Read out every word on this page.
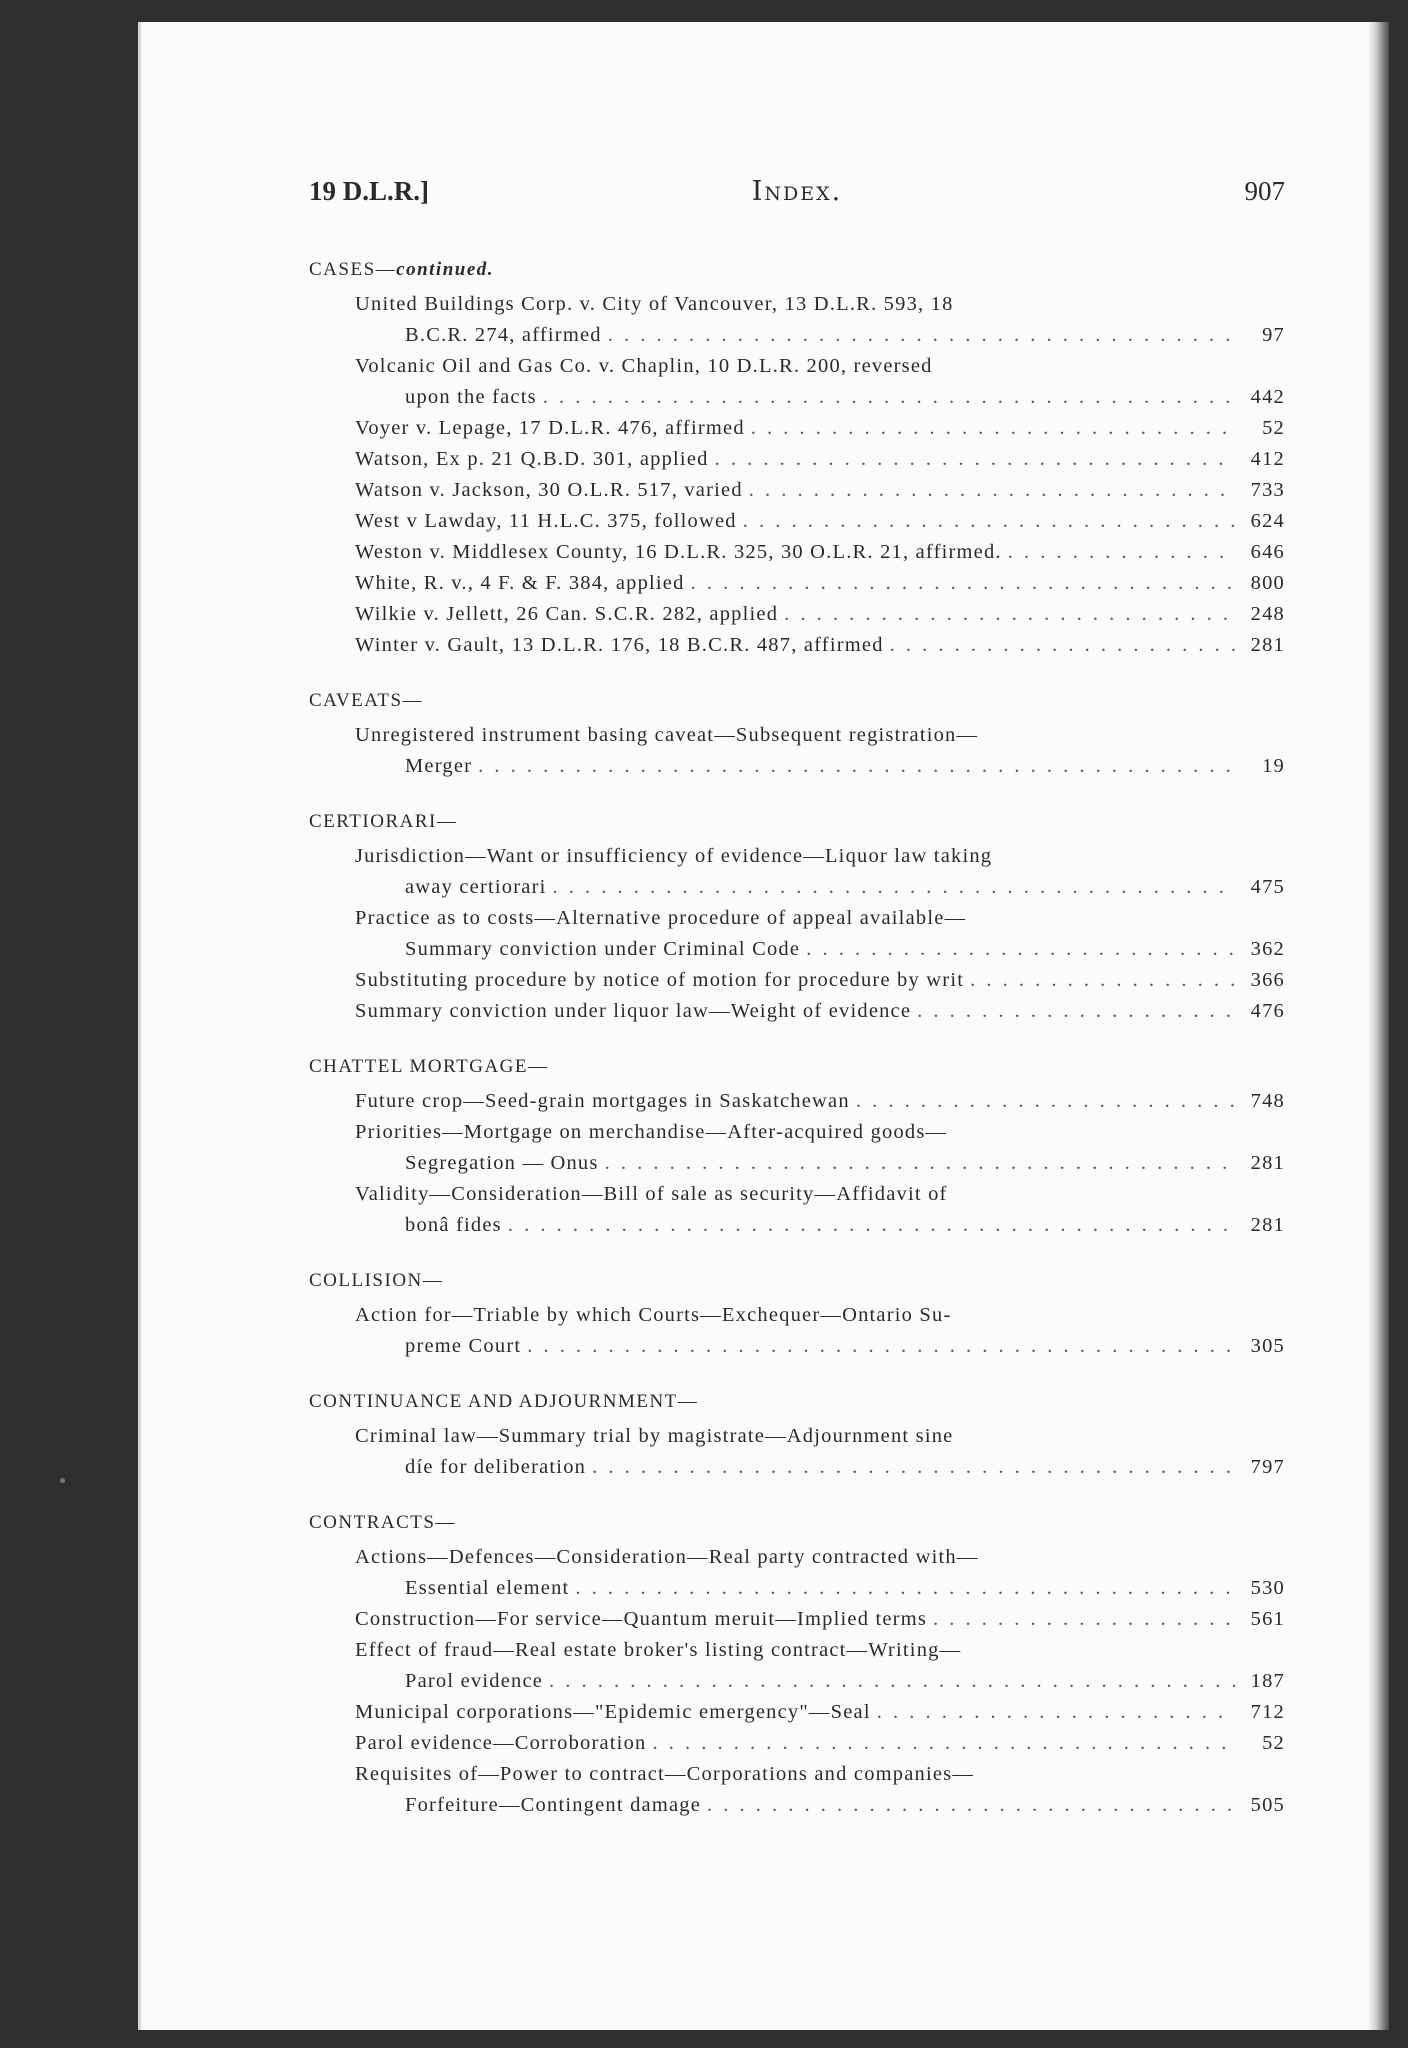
19 D.L.R.]	Index.	907
CASES—continued.
United Buildings Corp. v. City of Vancouver, 13 D.L.R. 593, 18
B.C.R. 274, affirmed . . .	97
Volcanic Oil and Gas Co. v. Chaplin, 10 D.L.R. 200, reversed
upon the facts . . .	442
Voyer v. Lepage, 17 D.L.R. 476, affirmed . . .	52
Watson, Ex p. 21 Q.B.D. 301, applied . . .	412
Watson v. Jackson, 30 O.L.R. 517, varied . . .	733
West v Lawday, 11 H.L.C. 375, followed . . .	624
Weston v. Middlesex County, 16 D.L.R. 325, 30 O.L.R. 21, affirmed. . . .	646
White, R. v., 4 F. & F. 384, applied . . .	800
Wilkie v. Jellett, 26 Can. S.C.R. 282, applied . . .	248
Winter v. Gault, 13 D.L.R. 176, 18 B.C.R. 487, affirmed . . .	281
CAVEATS—
Unregistered instrument basing caveat—Subsequent registration—
Merger . . .	19
CERTIORARI—
Jurisdiction—Want or insufficiency of evidence—Liquor law taking
away certiorari . . .	475
Practice as to costs—Alternative procedure of appeal available—
Summary conviction under Criminal Code . . .	362
Substituting procedure by notice of motion for procedure by writ . . .	366
Summary conviction under liquor law—Weight of evidence . . .	476
CHATTEL MORTGAGE—
Future crop—Seed-grain mortgages in Saskatchewan . . .	748
Priorities—Mortgage on merchandise—After-acquired goods—
Segregation — Onus . . .	281
Validity—Consideration—Bill of sale as security—Affidavit of
bonâ fides . . .	281
COLLISION—
Action for—Triable by which Courts—Exchequer—Ontario Su-
preme Court . . .	305
CONTINUANCE AND ADJOURNMENT—
Criminal law—Summary trial by magistrate—Adjournment sine
díe for deliberation . . .	797
CONTRACTS—
Actions—Defences—Consideration—Real party contracted with—
Essential element . . .	530
Construction—For service—Quantum meruit—Implied terms . . .	561
Effect of fraud—Real estate broker's listing contract—Writing—
Parol evidence . . .	187
Municipal corporations—"Epidemic emergency"—Seal . . .	712
Parol evidence—Corroboration . . .	52
Requisites of—Power to contract—Corporations and companies—
Forfeiture—Contingent damage . . .	505
